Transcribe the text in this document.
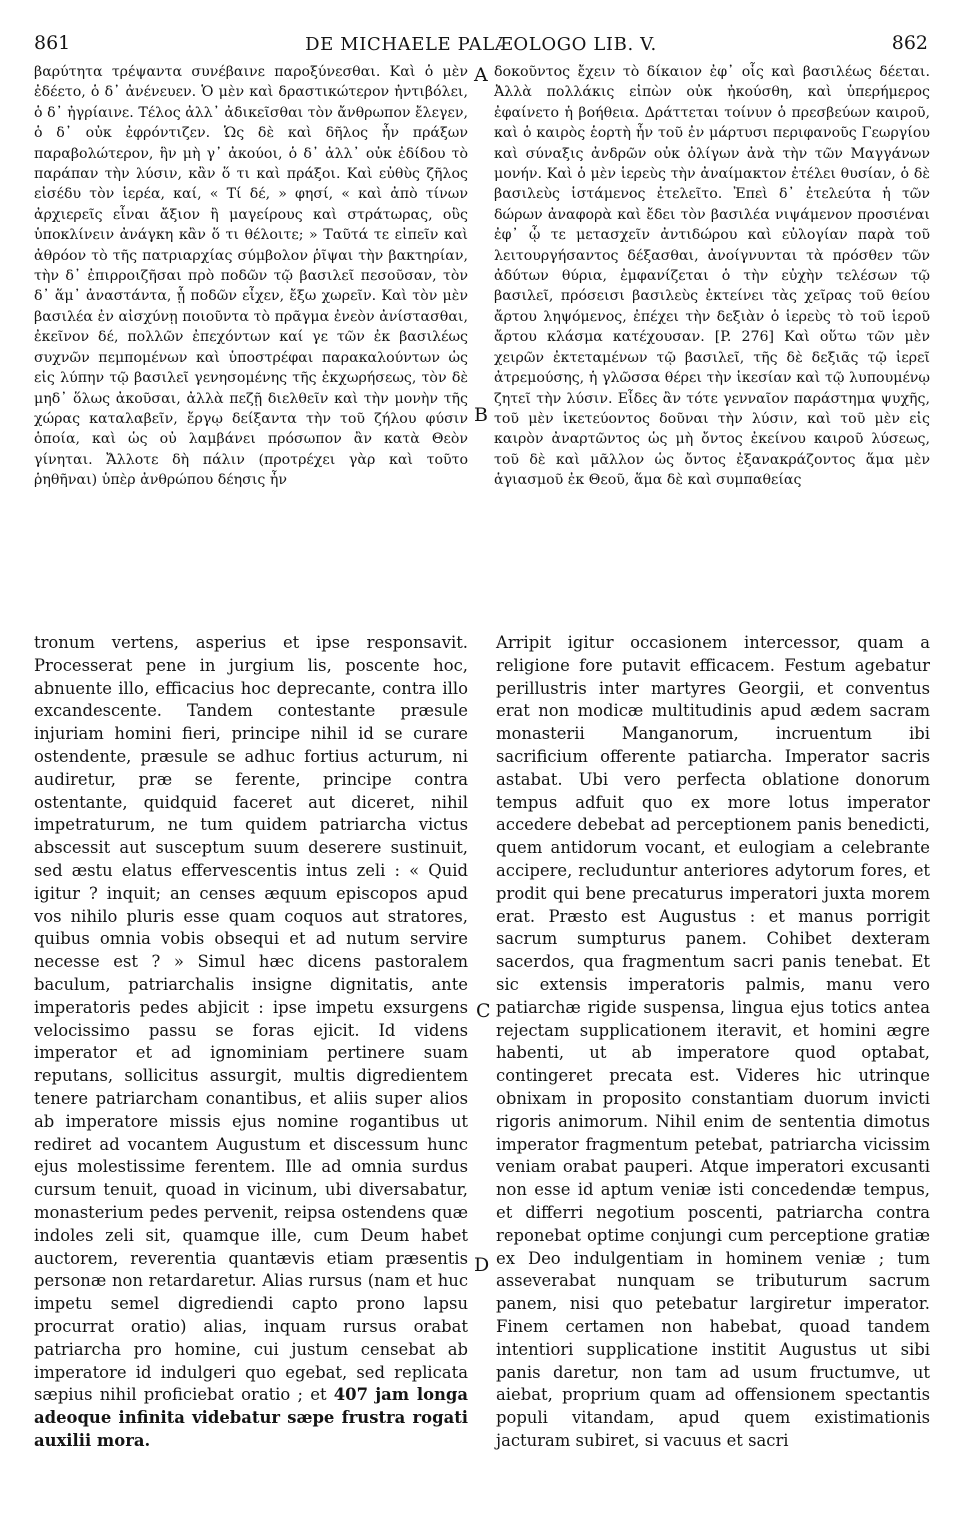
861	DE MICHAELE PALÆOLOGO LIB. V.	862
βαρύτητα τρέψαντα συνέβαινε παροξύνεσθαι. Καὶ ὁ μὲν ἐδέετο, ὁ δ᾽ ἀνένευεν. Ὁ μὲν καὶ δραστικώτερον ἠντιβόλει, ὁ δ᾽ ἠγρίαινε. Τέλος ἀλλ᾽ ἀδικεῖσθαι τὸν ἄνθρωπον ἔλεγεν, ὁ δ᾽ οὐκ ἐφρόντιζεν. Ὡς δὲ καὶ δῆλος ἦν πράξων παραβολώτερον, ἣν μὴ γ᾽ ἀκούοι, ὁ δ᾽ ἀλλ᾽ οὐκ ἐδίδου τὸ παράπαν τὴν λύσιν, κἂν ὅ τι καὶ πράξοι. Καὶ εὐθὺς ζῆλος εἰσέδυ τὸν ἱερέα, καί, « Τί δέ, » φησί, « καὶ ἀπὸ τίνων ἀρχιερεῖς εἶναι ἄξιον ἢ μαγείρους καὶ στράτωρας, οὓς ὑποκλίνειν ἀνάγκη κἂν ὅ τι θέλοιτε; » Ταῦτά τε εἰπεῖν καὶ ἀθρόον τὸ τῆς πατριαρχίας σύμβολον ῥῖψαι τὴν βακτηρίαν, τὴν δ᾽ ἐπιρροιζῆσαι πρὸ ποδῶν τῷ βασιλεῖ πεσοῦσαν, τὸν δ᾽ ἅμ᾽ ἀναστάντα, ᾗ ποδῶν εἶχεν, ἔξω χωρεῖν. Καὶ τὸν μὲν βασιλέα ἐν αἰσχύνῃ ποιοῦντα τὸ πρᾶγμα ἐνεὸν ἀνίστασθαι, ἐκεῖνον δέ, πολλῶν ἐπεχόντων καί γε τῶν ἐκ βασιλέως συχνῶν πεμπομένων καὶ ὑποστρέφαι παρακαλούντων ὡς εἰς λύπην τῷ βασιλεῖ γενησομένης τῆς ἐκχωρήσεως, τὸν δὲ μηδ᾽ ὅλως ἀκοῦσαι, ἀλλὰ πεζῇ διελθεῖν καὶ τὴν μονὴν τῆς χώρας καταλαβεῖν, ἔργῳ δείξαντα τὴν τοῦ ζήλου φύσιν ὁποία, καὶ ὡς οὐ λαμβάνει πρόσωπον ἂν κατὰ Θεὸν γίνηται. Ἄλλοτε δὴ πάλιν (προτρέχει γὰρ καὶ τοῦτο ῥηθῆναι) ὑπὲρ ἀνθρώπου δέησις ἦν
δοκοῦντος ἔχειν τὸ δίκαιον ἐφ᾽ οἷς καὶ βασιλέως δέεται. Ἀλλὰ πολλάκις εἰπὼν οὐκ ἠκούσθη, καὶ ὑπερήμερος ἐφαίνετο ἡ βοήθεια. Δράττεται τοίνυν ὁ πρεσβεύων καιροῦ, καὶ ὁ καιρὸς ἑορτὴ ἦν τοῦ ἐν μάρτυσι περιφανοῦς Γεωργίου καὶ σύναξις ἀνδρῶν οὐκ ὀλίγων ἀνὰ τὴν τῶν Μαγγάνων μονήν. Καὶ ὁ μὲν ἱερεὺς τὴν ἀναίμακτον ἐτέλει θυσίαν, ὁ δὲ βασιλεὺς ἱστάμενος ἐτελεῖτο. Ἐπεὶ δ᾽ ἐτελεύτα ἡ τῶν δώρων ἀναφορὰ καὶ ἔδει τὸν βασιλέα νιψάμενον προσιέναι ἐφ᾽ ᾧ τε μετασχεῖν ἀντιδώρου καὶ εὐλογίαν παρὰ τοῦ λειτουργήσαντος δέξασθαι, ἀνοίγνυνται τὰ πρόσθεν τῶν ἀδύτων θύρια, ἐμφανίζεται ὁ τὴν εὐχὴν τελέσων τῷ βασιλεῖ, πρόσεισι βασιλεὺς ἐκτείνει τὰς χεῖρας τοῦ θείου ἄρτου ληψόμενος, ἐπέχει τὴν δεξιὰν ὁ ἱερεὺς τὸ τοῦ ἱεροῦ ἄρτου κλάσμα κατέχουσαν. [P. 276] Καὶ οὕτω τῶν μὲν χειρῶν ἐκτεταμένων τῷ βασιλεῖ, τῆς δὲ δεξιᾶς τῷ ἱερεῖ ἀτρεμούσης, ἡ γλῶσσα θέρει τὴν ἱκεσίαν καὶ τῷ λυπουμένῳ ζητεῖ τὴν λύσιν. Εἶδες ἂν τότε γενναῖον παράστημα ψυχῆς, τοῦ μὲν ἱκετεύοντος δοῦναι τὴν λύσιν, καὶ τοῦ μὲν εἰς καιρὸν ἀναρτῶντος ὡς μὴ ὄντος ἐκείνου καιροῦ λύσεως, τοῦ δὲ καὶ μᾶλλον ὡς ὄντος ἐξανακράζοντος ἅμα μὲν ἁγιασμοῦ ἐκ Θεοῦ, ἅμα δὲ καὶ συμπαθείας
A
B
C
D
tronum vertens, asperius et ipse responsavit. Processerat pene in jurgium lis, poscente hoc, abnuente illo, efficacius hoc deprecante, contra illo excandescente. Tandem contestante præsule injuriam homini fieri, principe nihil id se curare ostendente, præsule se adhuc fortius acturum, ni audiretur, præ se ferente, principe contra ostentante, quidquid faceret aut diceret, nihil impetraturum, ne tum quidem patriarcha victus abscessit aut susceptum suum deserere sustinuit, sed æstu elatus effervescentis intus zeli : « Quid igitur ? inquit; an censes æquum episcopos apud vos nihilo pluris esse quam coquos aut stratores, quibus omnia vobis obsequi et ad nutum servire necesse est ? » Simul hæc dicens pastoralem baculum, patriarchalis insigne dignitatis, ante imperatoris pedes abjicit : ipse impetu exsurgens velocissimo passu se foras ejicit. Id videns imperator et ad ignominiam pertinere suam reputans, sollicitus assurgit, multis digredientem tenere patriarcham conantibus, et aliis super alios ab imperatore missis ejus nomine rogantibus ut rediret ad vocantem Augustum et discessum hunc ejus molestissime ferentem. Ille ad omnia surdus cursum tenuit, quoad in vicinum, ubi diversabatur, monasterium pedes pervenit, reipsa ostendens quæ indoles zeli sit, quamque ille, cum Deum habet auctorem, reverentia quantævis etiam præsentis personæ non retardaretur. Alias rursus (nam et huc impetu semel digrediendi capto prono lapsu procurrat oratio) alias, inquam rursus orabat patriarcha pro homine, cui justum censebat ab imperatore id indulgeri quo egebat, sed replicata sæpius nihil proficiebat oratio ; et 407 jam longa adeoque infinita videbatur sæpe frustra rogati auxilii mora.
Arripit igitur occasionem intercessor, quam a religione fore putavit efficacem. Festum agebatur perillustris inter martyres Georgii, et conventus erat non modicæ multitudinis apud ædem sacram monasterii Manganorum, incruentum ibi sacrificium offerente patiarcha. Imperator sacris astabat. Ubi vero perfecta oblatione donorum tempus adfuit quo ex more lotus imperator accedere debebat ad perceptionem panis benedicti, quem antidorum vocant, et eulogiam a celebrante accipere, recluduntur anteriores adytorum fores, et prodit qui bene precaturus imperatori juxta morem erat. Præsto est Augustus : et manus porrigit sacrum sumpturus panem. Cohibet dexteram sacerdos, qua fragmentum sacri panis tenebat. Et sic extensis imperatoris palmis, manu vero patiarchæ rigide suspensa, lingua ejus totics antea rejectam supplicationem iteravit, et homini ægre habenti, ut ab imperatore quod optabat, contingeret precata est. Videres hic utrinque obnixam in proposito constantiam duorum invicti rigoris animorum. Nihil enim de sententia dimotus imperator fragmentum petebat, patriarcha vicissim veniam orabat pauperi. Atque imperatori excusanti non esse id aptum veniæ isti concedendæ tempus, et differri negotium poscenti, patriarcha contra reponebat optime conjungi cum perceptione gratiæ ex Deo indulgentiam in hominem veniæ ; tum asseverabat nunquam se tributurum sacrum panem, nisi quo petebatur largiretur imperator. Finem certamen non habebat, quoad tandem intentiori supplicatione institit Augustus ut sibi panis daretur, non tam ad usum fructumve, ut aiebat, proprium quam ad offensionem spectantis populi vitandam, apud quem existimationis jacturam subiret, si vacuus et sacri
